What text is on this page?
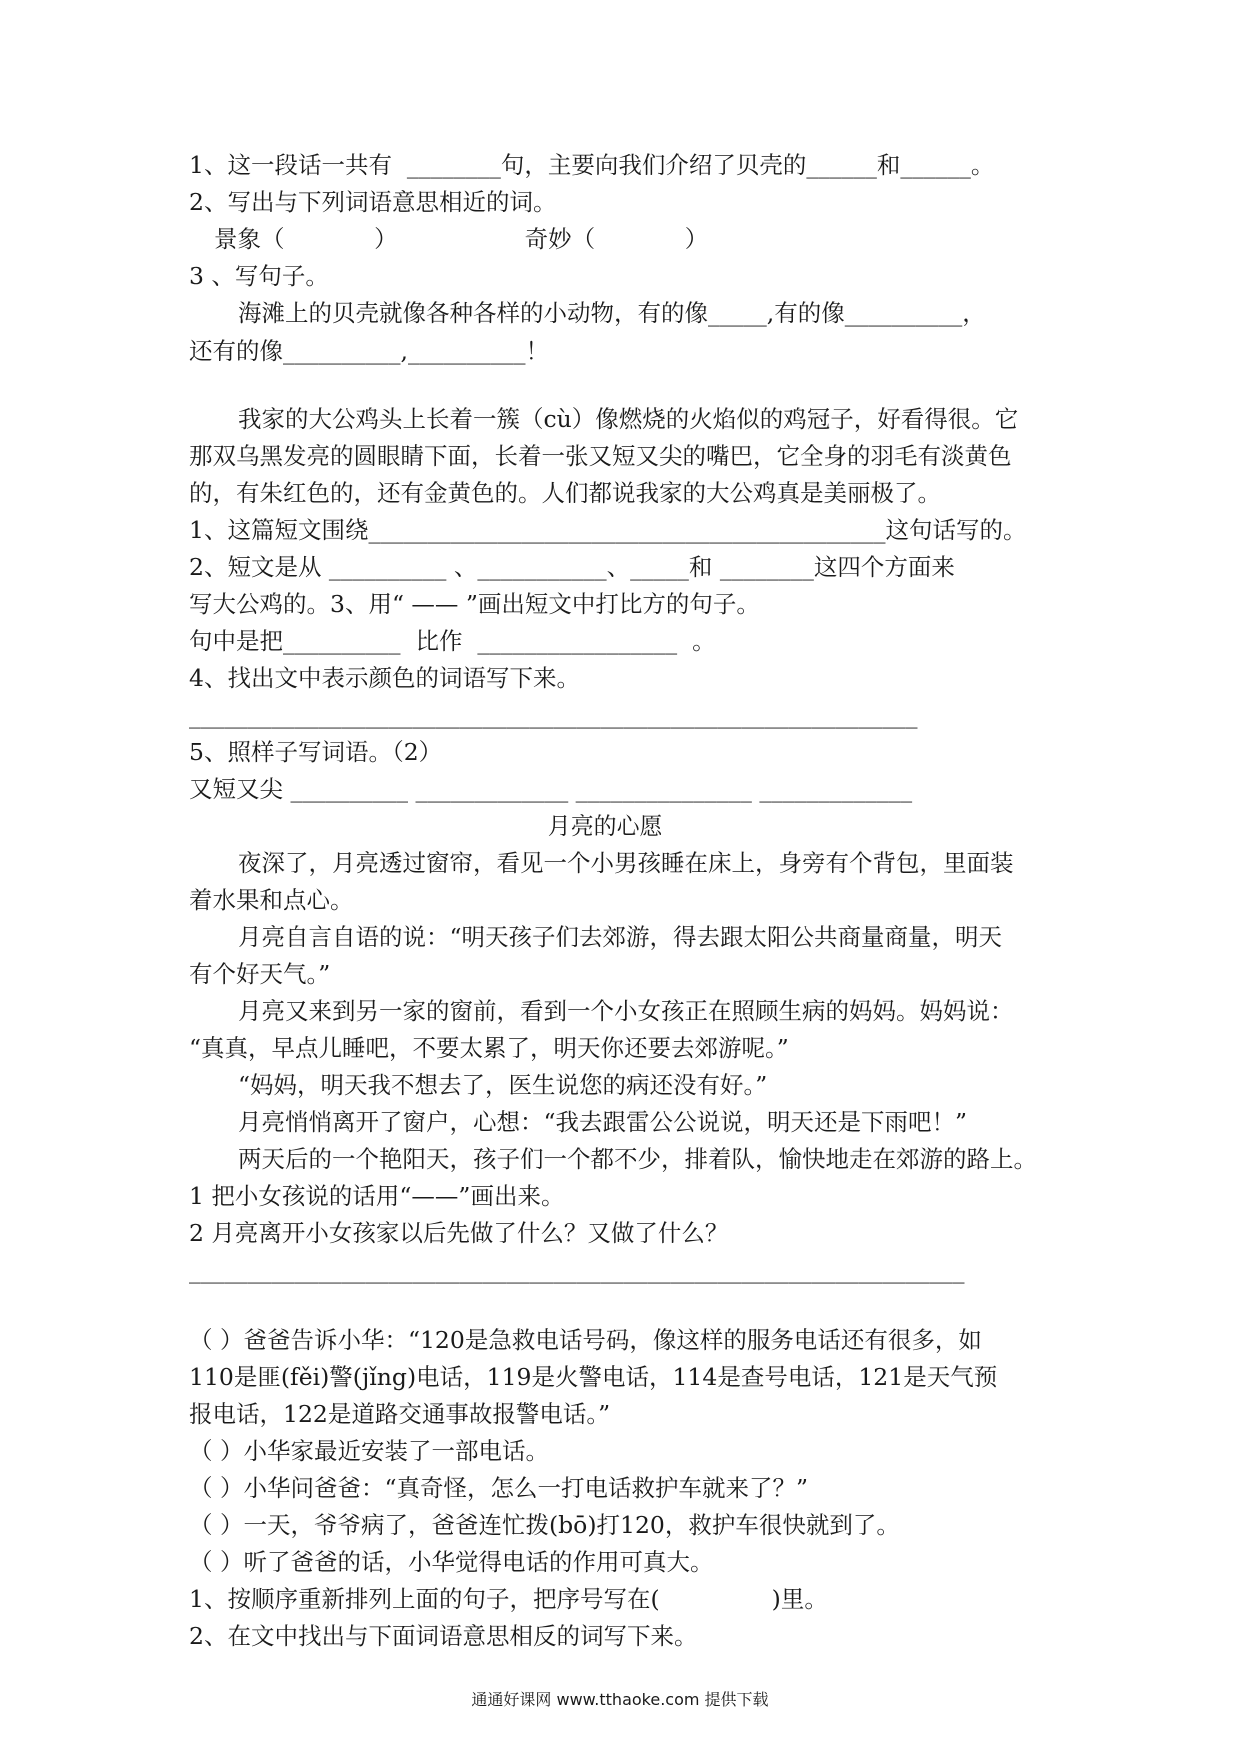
1、这一段话一共有  ________句，主要向我们介绍了贝壳的______和______。
2、写出与下列词语意思相近的词。
景象（            ）                 奇妙（            ）
3 、写句子。
海滩上的贝壳就像各种各样的小动物，有的像_____,有的像__________，
还有的像__________,__________！
我家的大公鸡头上长着一簇（cù）像燃烧的火焰似的鸡冠子，好看得很。它
那双乌黑发亮的圆眼睛下面，长着一张又短又尖的嘴巴，它全身的羽毛有淡黄色
的，有朱红色的，还有金黄色的。人们都说我家的大公鸡真是美丽极了。
1、这篇短文围绕____________________________________________这句话写的。
2、短文是从 __________ 、___________、_____和 ________这四个方面来
写大公鸡的。3、用“ —— ”画出短文中打比方的句子。
句中是把__________  比作  _________________  。
4、找出文中表示颜色的词语写下来。
______________________________________________________________
5、照样子写词语。（2）
又短又尖 __________ _____________ _______________ _____________
月亮的心愿
夜深了，月亮透过窗帘，看见一个小男孩睡在床上，身旁有个背包，里面装
着水果和点心。
月亮自言自语的说：“明天孩子们去郊游，得去跟太阳公共商量商量，明天
有个好天气。”
月亮又来到另一家的窗前，看到一个小女孩正在照顾生病的妈妈。妈妈说：
“真真，早点儿睡吧，不要太累了，明天你还要去郊游呢。”
“妈妈，明天我不想去了，医生说您的病还没有好。”
月亮悄悄离开了窗户，心想：“我去跟雷公公说说，明天还是下雨吧！”
两天后的一个艳阳天，孩子们一个都不少，排着队，愉快地走在郊游的路上。
1 把小女孩说的话用“——”画出来。
2 月亮离开小女孩家以后先做了什么？又做了什么？
__________________________________________________________________
（ ）爸爸告诉小华：“120是急救电话号码，像这样的服务电话还有很多，如
110是匪(fěi)警(jǐng)电话，119是火警电话，114是查号电话，121是天气预
报电话，122是道路交通事故报警电话。”
（ ）小华家最近安装了一部电话。
（ ）小华问爸爸：“真奇怪，怎么一打电话救护车就来了？”
（ ）一天，爷爷病了，爸爸连忙拨(bō)打120，救护车很快就到了。
（ ）听了爸爸的话，小华觉得电话的作用可真大。
1、按顺序重新排列上面的句子，把序号写在(               )里。
2、在文中找出与下面词语意思相反的词写下来。
通通好课网 www.tthaoke.com 提供下载
